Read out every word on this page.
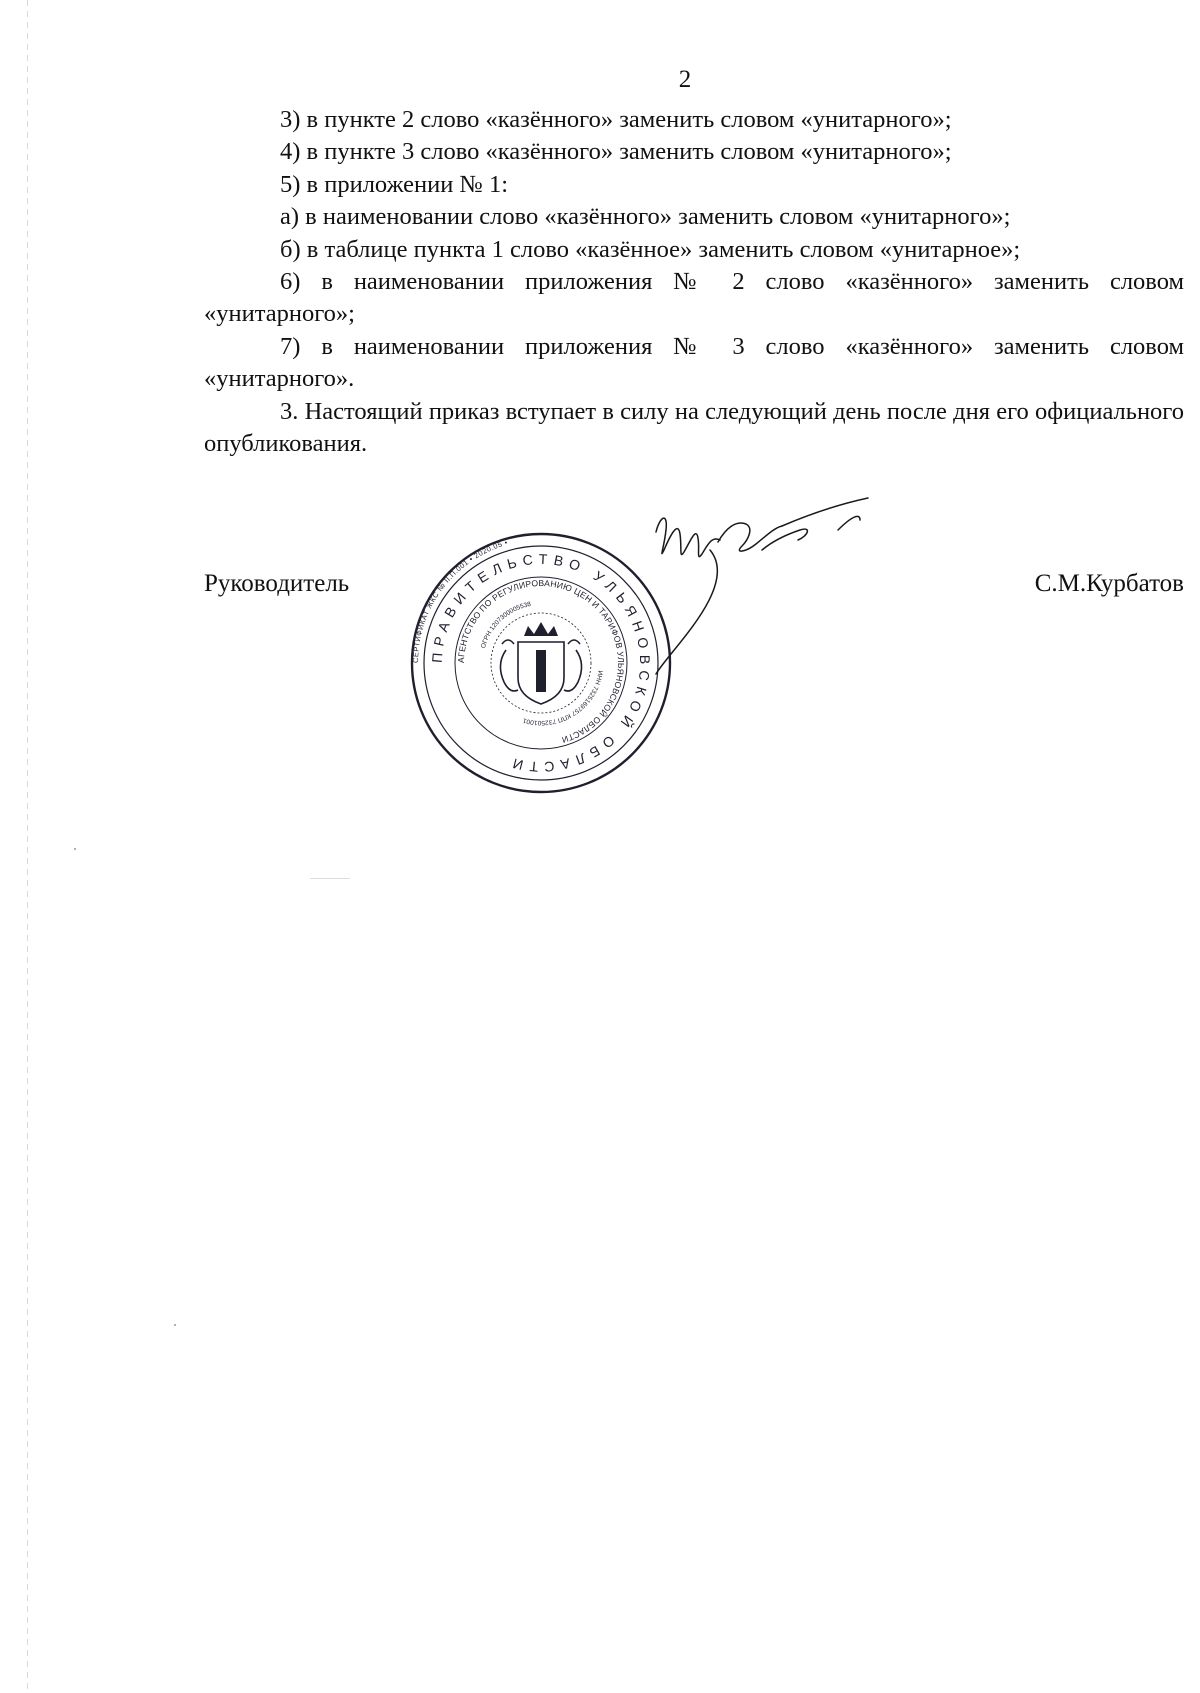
2

3) в пункте 2 слово «казённого» заменить словом «унитарного»;

4) в пункте 3 слово «казённого» заменить словом «унитарного»;

5) в приложении № 1:

а) в наименовании слово «казённого» заменить словом «унитарного»;

б) в таблице пункта 1 слово «казённое» заменить словом «унитарное»;

6) в наименовании приложения № 2 слово «казённого» заменить словом «унитарного»;

7) в наименовании приложения № 3 слово «казённого» заменить словом «унитарного».

3. Настоящий приказ вступает в силу на следующий день после дня его официального опубликования.

Руководитель	С.М.Курбатов
СЕРТИФИКАТ ЖКС № II.П.001 • 2020.05 •
ПРАВИТЕЛЬСТВО УЛЬЯНОВСКОЙ ОБЛАСТИ
АГЕНТСТВО ПО РЕГУЛИРОВАНИЮ ЦЕН И ТАРИФОВ УЛЬЯНОВСКОЙ ОБЛАСТИ
ОГРН 1207300005538
ИНН 7325169757 КПП 732501001
